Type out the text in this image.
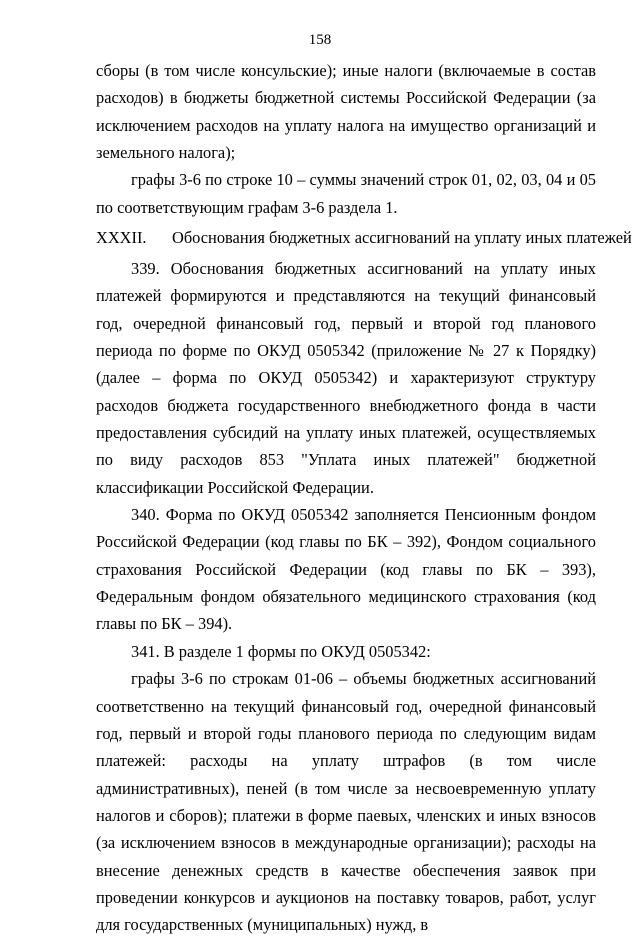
158

сборы (в том числе консульские); иные налоги (включаемые в состав расходов) в бюджеты бюджетной системы Российской Федерации (за исключением расходов на уплату налога на имущество организаций и земельного налога);

графы 3-6 по строке 10 – суммы значений строк 01, 02, 03, 04 и 05 по соответствующим графам 3-6 раздела 1.

XXXII.	Обоснования бюджетных ассигнований на уплату иных платежей

339. Обоснования бюджетных ассигнований на уплату иных платежей формируются и представляются на текущий финансовый год, очередной финансовый год, первый и второй год планового периода по форме по ОКУД 0505342 (приложение № 27 к Порядку) (далее – форма по ОКУД 0505342) и характеризуют структуру расходов бюджета государственного внебюджетного фонда в части предоставления субсидий на уплату иных платежей, осуществляемых по виду расходов 853 "Уплата иных платежей" бюджетной классификации Российской Федерации.

340. Форма по ОКУД 0505342 заполняется Пенсионным фондом Российской Федерации (код главы по БК – 392), Фондом социального страхования Российской Федерации (код главы по БК – 393), Федеральным фондом обязательного медицинского страхования (код главы по БК – 394).

341. В разделе 1 формы по ОКУД 0505342:

графы 3-6 по строкам 01-06 – объемы бюджетных ассигнований соответственно на текущий финансовый год, очередной финансовый год, первый и второй годы планового периода по следующим видам платежей: расходы на уплату штрафов (в том числе административных), пеней (в том числе за несвоевременную уплату налогов и сборов); платежи в форме паевых, членских и иных взносов (за исключением взносов в международные организации); расходы на внесение денежных средств в качестве обеспечения заявок при проведении конкурсов и аукционов на поставку товаров, работ, услуг для государственных (муниципальных) нужд, в
